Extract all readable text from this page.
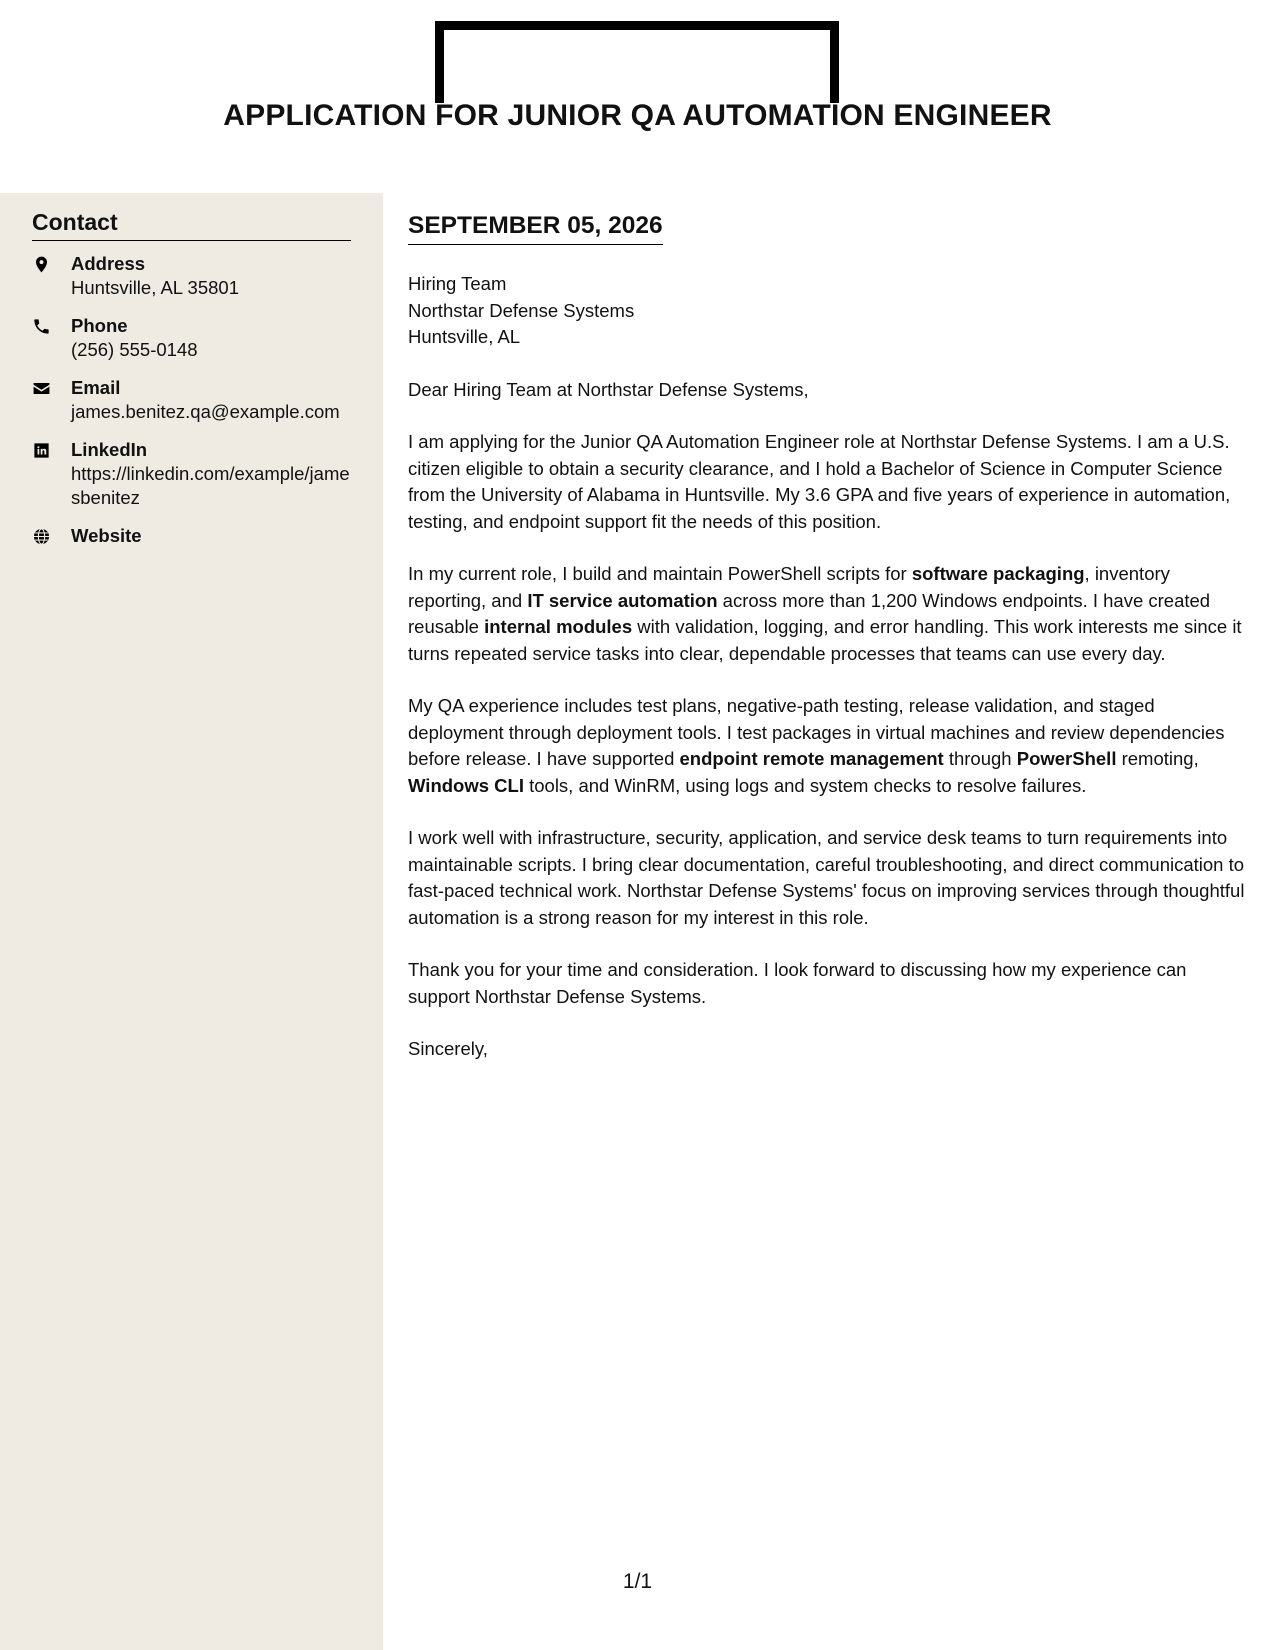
APPLICATION FOR JUNIOR QA AUTOMATION ENGINEER
Contact
Address
Huntsville, AL 35801
Phone
(256) 555-0148
Email
james.benitez.qa@example.com
LinkedIn
https://linkedin.com/example/jamesbenitez
Website
SEPTEMBER 05, 2026
Hiring Team
Northstar Defense Systems
Huntsville, AL

Dear Hiring Team at Northstar Defense Systems,

I am applying for the Junior QA Automation Engineer role at Northstar Defense Systems. I am a U.S. citizen eligible to obtain a security clearance, and I hold a Bachelor of Science in Computer Science from the University of Alabama in Huntsville. My 3.6 GPA and five years of experience in automation, testing, and endpoint support fit the needs of this position.

In my current role, I build and maintain PowerShell scripts for software packaging, inventory reporting, and IT service automation across more than 1,200 Windows endpoints. I have created reusable internal modules with validation, logging, and error handling. This work interests me since it turns repeated service tasks into clear, dependable processes that teams can use every day.

My QA experience includes test plans, negative-path testing, release validation, and staged deployment through deployment tools. I test packages in virtual machines and review dependencies before release. I have supported endpoint remote management through PowerShell remoting, Windows CLI tools, and WinRM, using logs and system checks to resolve failures.

I work well with infrastructure, security, application, and service desk teams to turn requirements into maintainable scripts. I bring clear documentation, careful troubleshooting, and direct communication to fast-paced technical work. Northstar Defense Systems' focus on improving services through thoughtful automation is a strong reason for my interest in this role.

Thank you for your time and consideration. I look forward to discussing how my experience can support Northstar Defense Systems.

Sincerely,

1/1
